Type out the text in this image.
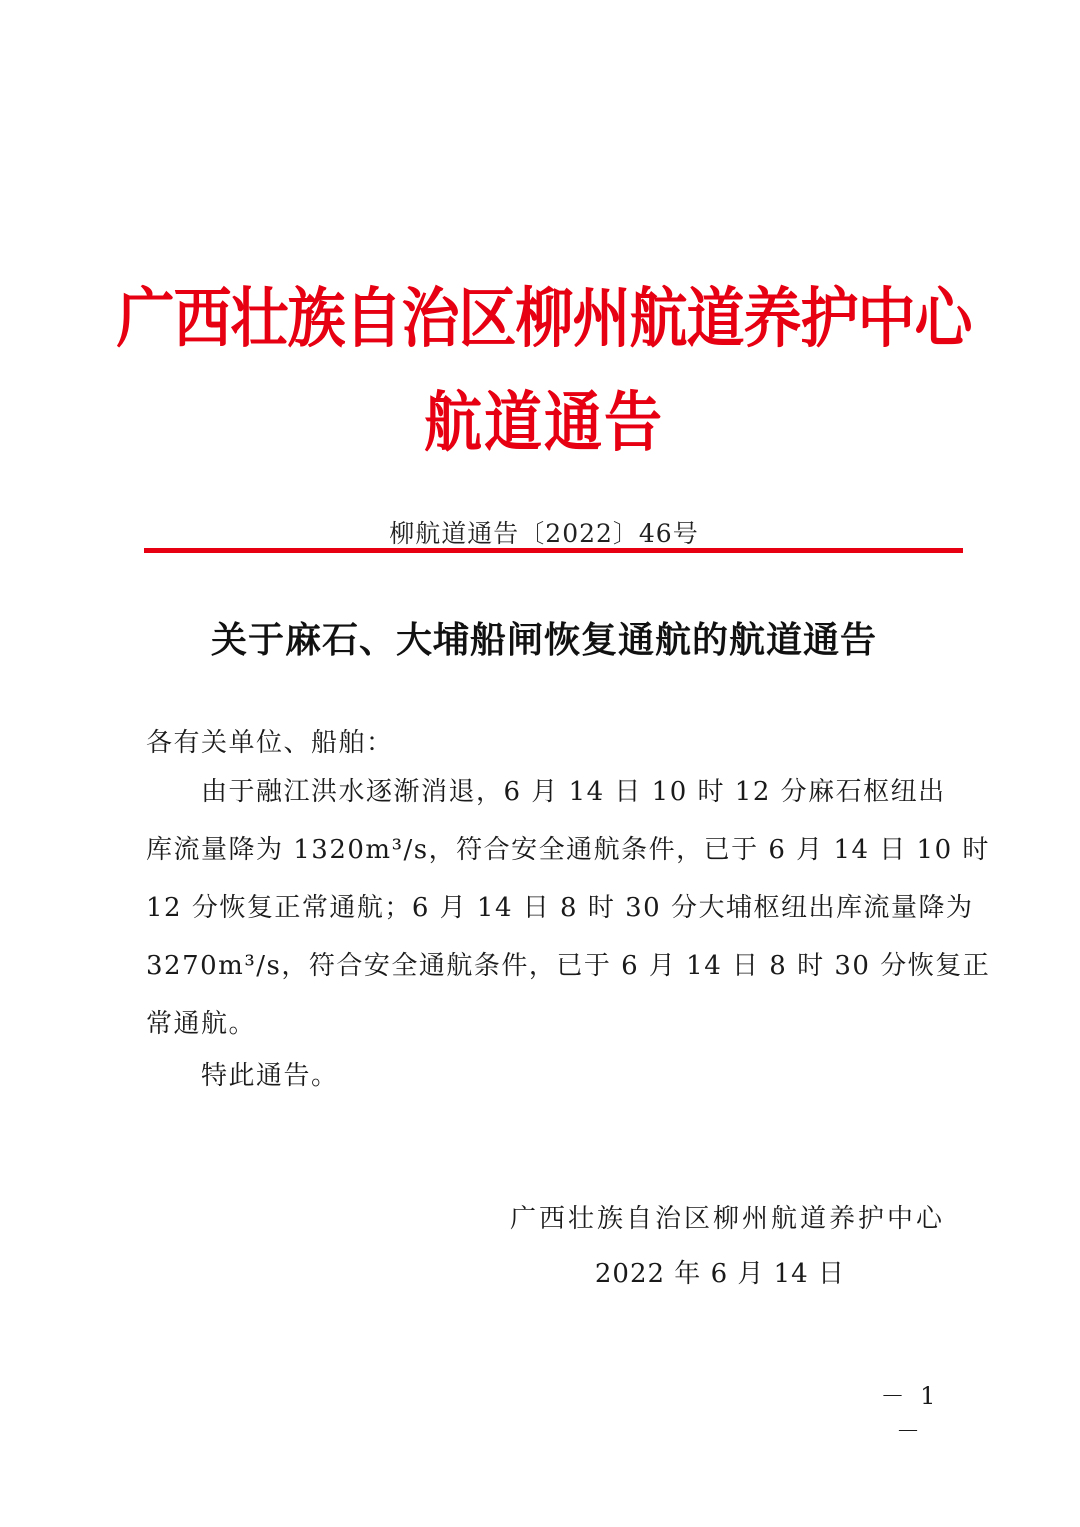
广西壮族自治区柳州航道养护中心
航道通告
柳航道通告〔2022〕46号
关于麻石、大埔船闸恢复通航的航道通告
各有关单位、船舶：
　　由于融江洪水逐渐消退，6 月 14 日 10 时 12 分麻石枢纽出
库流量降为 1320m³/s，符合安全通航条件，已于 6 月 14 日 10 时
12 分恢复正常通航；6 月 14 日 8 时 30 分大埔枢纽出库流量降为
3270m³/s，符合安全通航条件，已于 6 月 14 日 8 时 30 分恢复正
常通航。
　　特此通告。
广西壮族自治区柳州航道养护中心
2022 年 6 月 14 日
－ 1 －
